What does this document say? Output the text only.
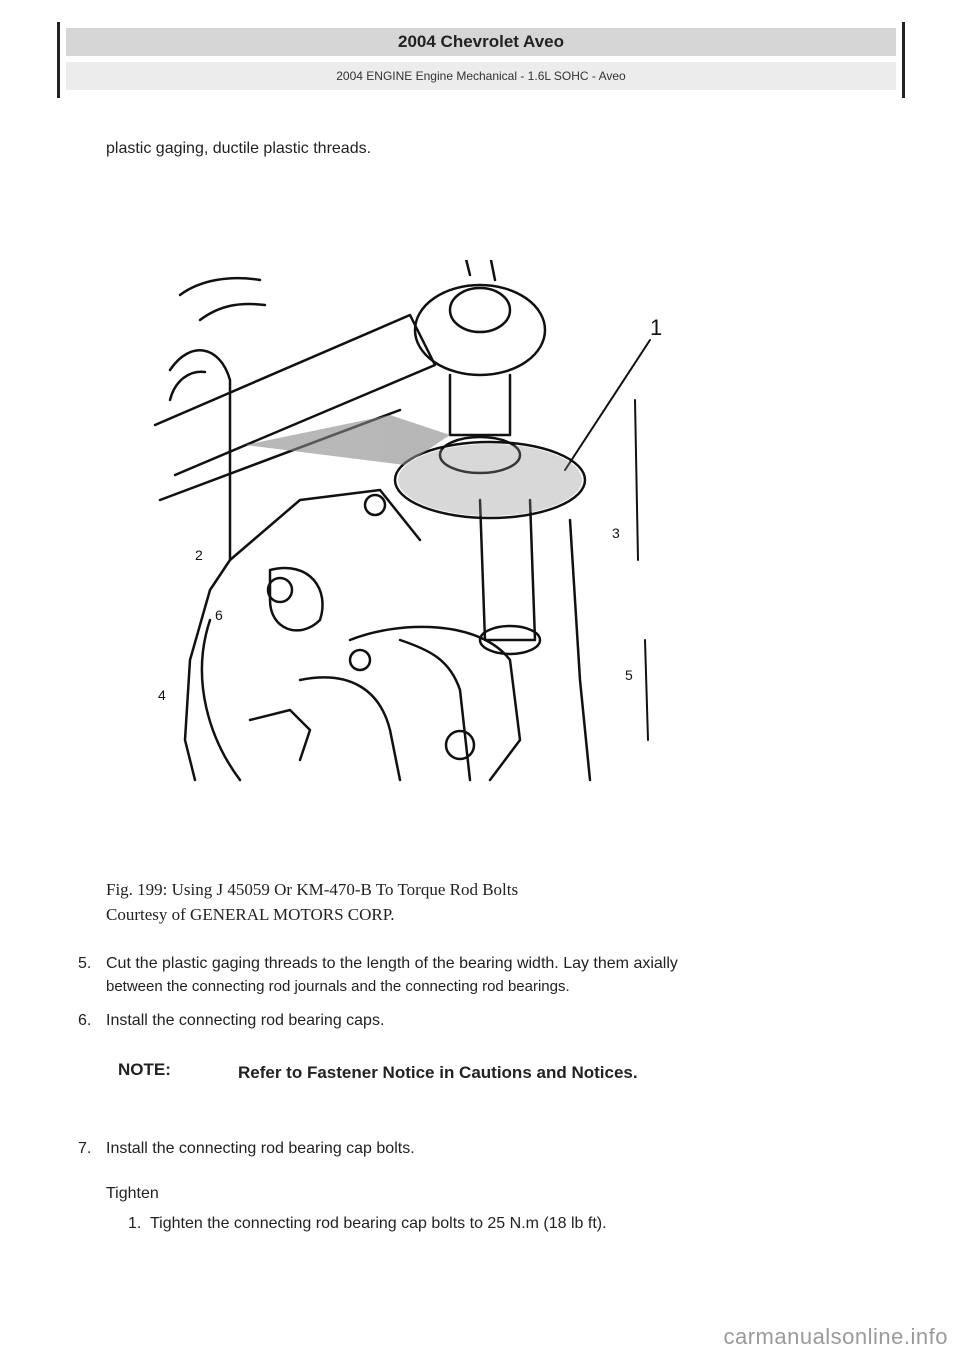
2004 Chevrolet Aveo
2004 ENGINE Engine Mechanical - 1.6L SOHC - Aveo
plastic gaging, ductile plastic threads.
1
2
3
4
5
6
Fig. 199: Using J 45059 Or KM-470-B To Torque Rod Bolts
Courtesy of GENERAL MOTORS CORP.
5. Cut the plastic gaging threads to the length of the bearing width. Lay them axially
between the connecting rod journals and the connecting rod bearings.
6. Install the connecting rod bearing caps.
NOTE:	Refer to Fastener Notice in Cautions and Notices.
7. Install the connecting rod bearing cap bolts.
Tighten
1. Tighten the connecting rod bearing cap bolts to 25 N.m (18 lb ft).
carmanualsonline.info
